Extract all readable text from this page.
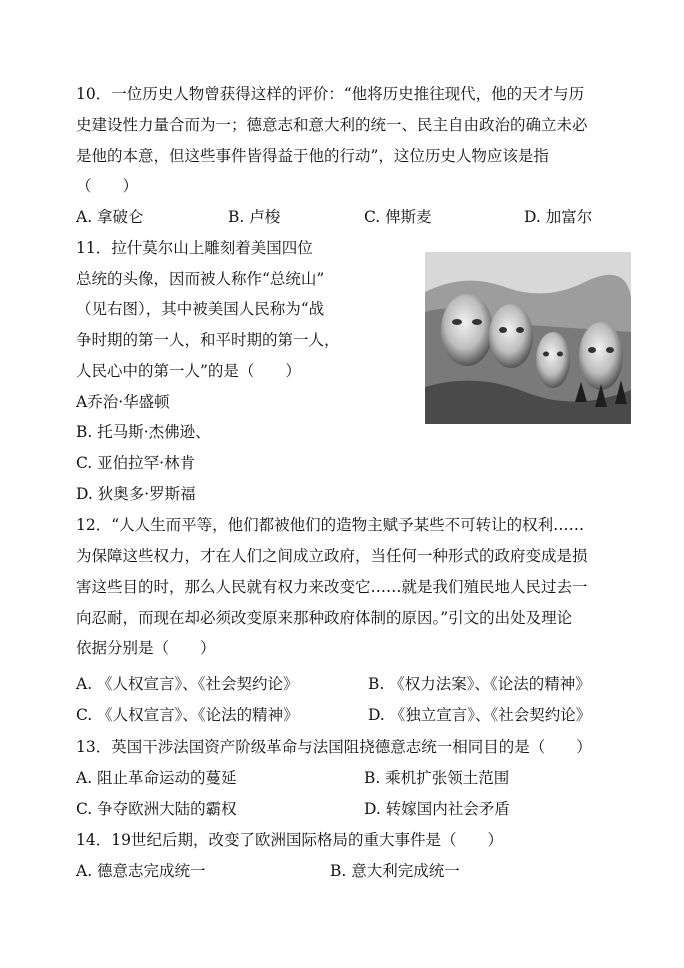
10．一位历史人物曾获得这样的评价：“他将历史推往现代，他的天才与历
史建设性力量合而为一；德意志和意大利的统一、民主自由政治的确立未必
是他的本意，但这些事件皆得益于他的行动”，这位历史人物应该是指
（　　）
A. 拿破仑	B. 卢梭	C. 俾斯麦	D. 加富尔
11．拉什莫尔山上雕刻着美国四位
总统的头像，因而被人称作“总统山”
（见右图），其中被美国人民称为“战
争时期的第一人，和平时期的第一人，
人民心中的第一人”的是（　　）
A乔治·华盛顿
B. 托马斯·杰佛逊、
C. 亚伯拉罕·林肯
D. 狄奥多·罗斯福
12．“人人生而平等，他们都被他们的造物主赋予某些不可转让的权利……
为保障这些权力，才在人们之间成立政府，当任何一种形式的政府变成是损
害这些目的时，那么人民就有权力来改变它……就是我们殖民地人民过去一
向忍耐，而现在却必须改变原来那种政府体制的原因。”引文的出处及理论
依据分别是（　　）
A. 《人权宣言》、《社会契约论》	B. 《权力法案》、《论法的精神》
C. 《人权宣言》、《论法的精神》	D. 《独立宣言》、《社会契约论》
13．英国干涉法国资产阶级革命与法国阻挠德意志统一相同目的是（　　）
A. 阻止革命运动的蔓延	B. 乘机扩张领土范围
C. 争夺欧洲大陆的霸权	D. 转嫁国内社会矛盾
14．19世纪后期，改变了欧洲国际格局的重大事件是（　　）
A. 德意志完成统一	B. 意大利完成统一
